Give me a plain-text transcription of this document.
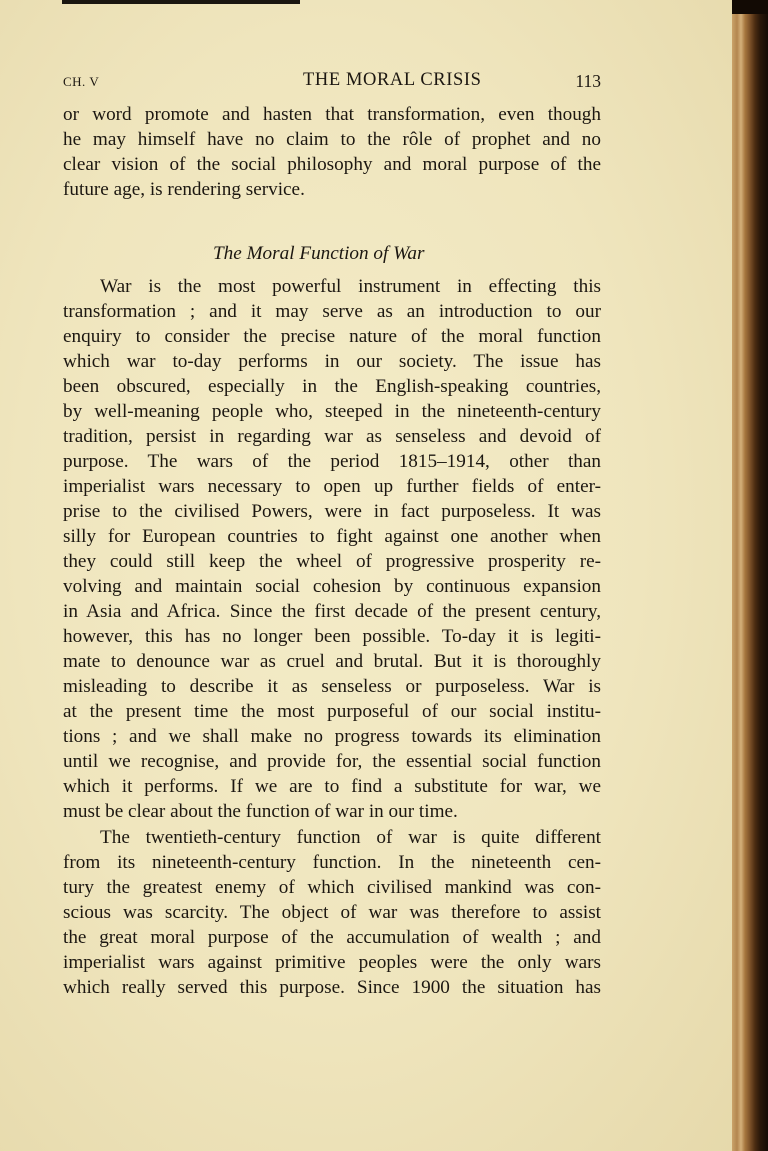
CH. V	THE MORAL CRISIS	113
or word promote and hasten that transformation, even though
he may himself have no claim to the rôle of prophet and no
clear vision of the social philosophy and moral purpose of the
future age, is rendering service.
The Moral Function of War
War is the most powerful instrument in effecting this
transformation ; and it may serve as an introduction to our
enquiry to consider the precise nature of the moral function
which war to-day performs in our society. The issue has
been obscured, especially in the English-speaking countries,
by well-meaning people who, steeped in the nineteenth-century
tradition, persist in regarding war as senseless and devoid of
purpose. The wars of the period 1815–1914, other than
imperialist wars necessary to open up further fields of enter-
prise to the civilised Powers, were in fact purposeless. It was
silly for European countries to fight against one another when
they could still keep the wheel of progressive prosperity re-
volving and maintain social cohesion by continuous expansion
in Asia and Africa. Since the first decade of the present century,
however, this has no longer been possible. To-day it is legiti-
mate to denounce war as cruel and brutal. But it is thoroughly
misleading to describe it as senseless or purposeless. War is
at the present time the most purposeful of our social institu-
tions ; and we shall make no progress towards its elimination
until we recognise, and provide for, the essential social function
which it performs. If we are to find a substitute for war, we
must be clear about the function of war in our time.
The twentieth-century function of war is quite different
from its nineteenth-century function. In the nineteenth cen-
tury the greatest enemy of which civilised mankind was con-
scious was scarcity. The object of war was therefore to assist
the great moral purpose of the accumulation of wealth ; and
imperialist wars against primitive peoples were the only wars
which really served this purpose. Since 1900 the situation has
